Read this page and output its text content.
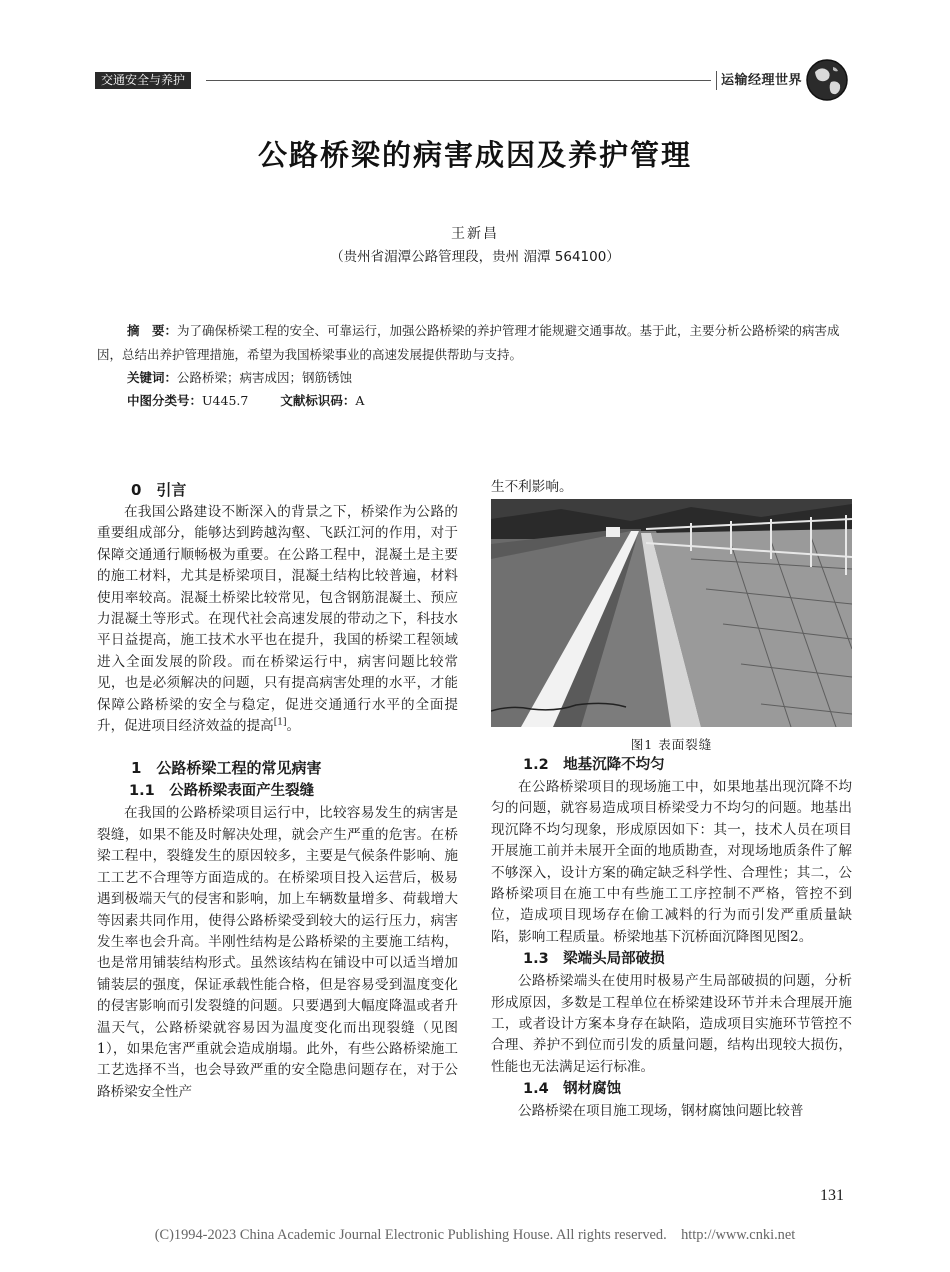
交通安全与养护	运输经理世界
公路桥梁的病害成因及养护管理
王新昌
（贵州省湄潭公路管理段，贵州 湄潭 564100）
摘　要：为了确保桥梁工程的安全、可靠运行，加强公路桥梁的养护管理才能规避交通事故。基于此，主要分析公路桥梁的病害成因，总结出养护管理措施，希望为我国桥梁事业的高速发展提供帮助与支持。
关键词：公路桥梁；病害成因；钢筋锈蚀
中图分类号：U445.7	文献标识码：A
0　引言

在我国公路建设不断深入的背景之下，桥梁作为公路的重要组成部分，能够达到跨越沟壑、飞跃江河的作用，对于保障交通通行顺畅极为重要。在公路工程中，混凝土是主要的施工材料，尤其是桥梁项目，混凝土结构比较普遍，材料使用率较高。混凝土桥梁比较常见，包含钢筋混凝土、预应力混凝土等形式。在现代社会高速发展的带动之下，科技水平日益提高，施工技术水平也在提升，我国的桥梁工程领域进入全面发展的阶段。而在桥梁运行中，病害问题比较常见，也是必须解决的问题，只有提高病害处理的水平，才能保障公路桥梁的安全与稳定，促进交通通行水平的全面提升，促进项目经济效益的提高[1]。

1　公路桥梁工程的常见病害
1.1　公路桥梁表面产生裂缝

在我国的公路桥梁项目运行中，比较容易发生的病害是裂缝，如果不能及时解决处理，就会产生严重的危害。在桥梁工程中，裂缝发生的原因较多，主要是气候条件影响、施工工艺不合理等方面造成的。在桥梁项目投入运营后，极易遇到极端天气的侵害和影响，加上车辆数量增多、荷载增大等因素共同作用，使得公路桥梁受到较大的运行压力，病害发生率也会升高。半刚性结构是公路桥梁的主要施工结构，也是常用铺装结构形式。虽然该结构在铺设中可以适当增加铺装层的强度，保证承载性能合格，但是容易受到温度变化的侵害影响而引发裂缝的问题。只要遇到大幅度降温或者升温天气，公路桥梁就容易因为温度变化而出现裂缝（见图1），如果危害严重就会造成崩塌。此外，有些公路桥梁施工工艺选择不当，也会导致严重的安全隐患问题存在，对于公路桥梁安全性产

生不利影响。
图1 表面裂缝
1.2　地基沉降不均匀

在公路桥梁项目的现场施工中，如果地基出现沉降不均匀的问题，就容易造成项目桥梁受力不均匀的问题。地基出现沉降不均匀现象，形成原因如下：其一，技术人员在项目开展施工前并未展开全面的地质勘查，对现场地质条件了解不够深入，设计方案的确定缺乏科学性、合理性；其二，公路桥梁项目在施工中有些施工工序控制不严格，管控不到位，造成项目现场存在偷工减料的行为而引发严重质量缺陷，影响工程质量。桥梁地基下沉桥面沉降图见图2。

1.3　梁端头局部破损

公路桥梁端头在使用时极易产生局部破损的问题，分析形成原因，多数是工程单位在桥梁建设环节并未合理展开施工，或者设计方案本身存在缺陷，造成项目实施环节管控不合理、养护不到位而引发的质量问题，结构出现较大损伤，性能也无法满足运行标准。

1.4　钢材腐蚀

公路桥梁在项目施工现场，钢材腐蚀问题比较普

131
(C)1994-2023 China Academic Journal Electronic Publishing House. All rights reserved.    http://www.cnki.net
